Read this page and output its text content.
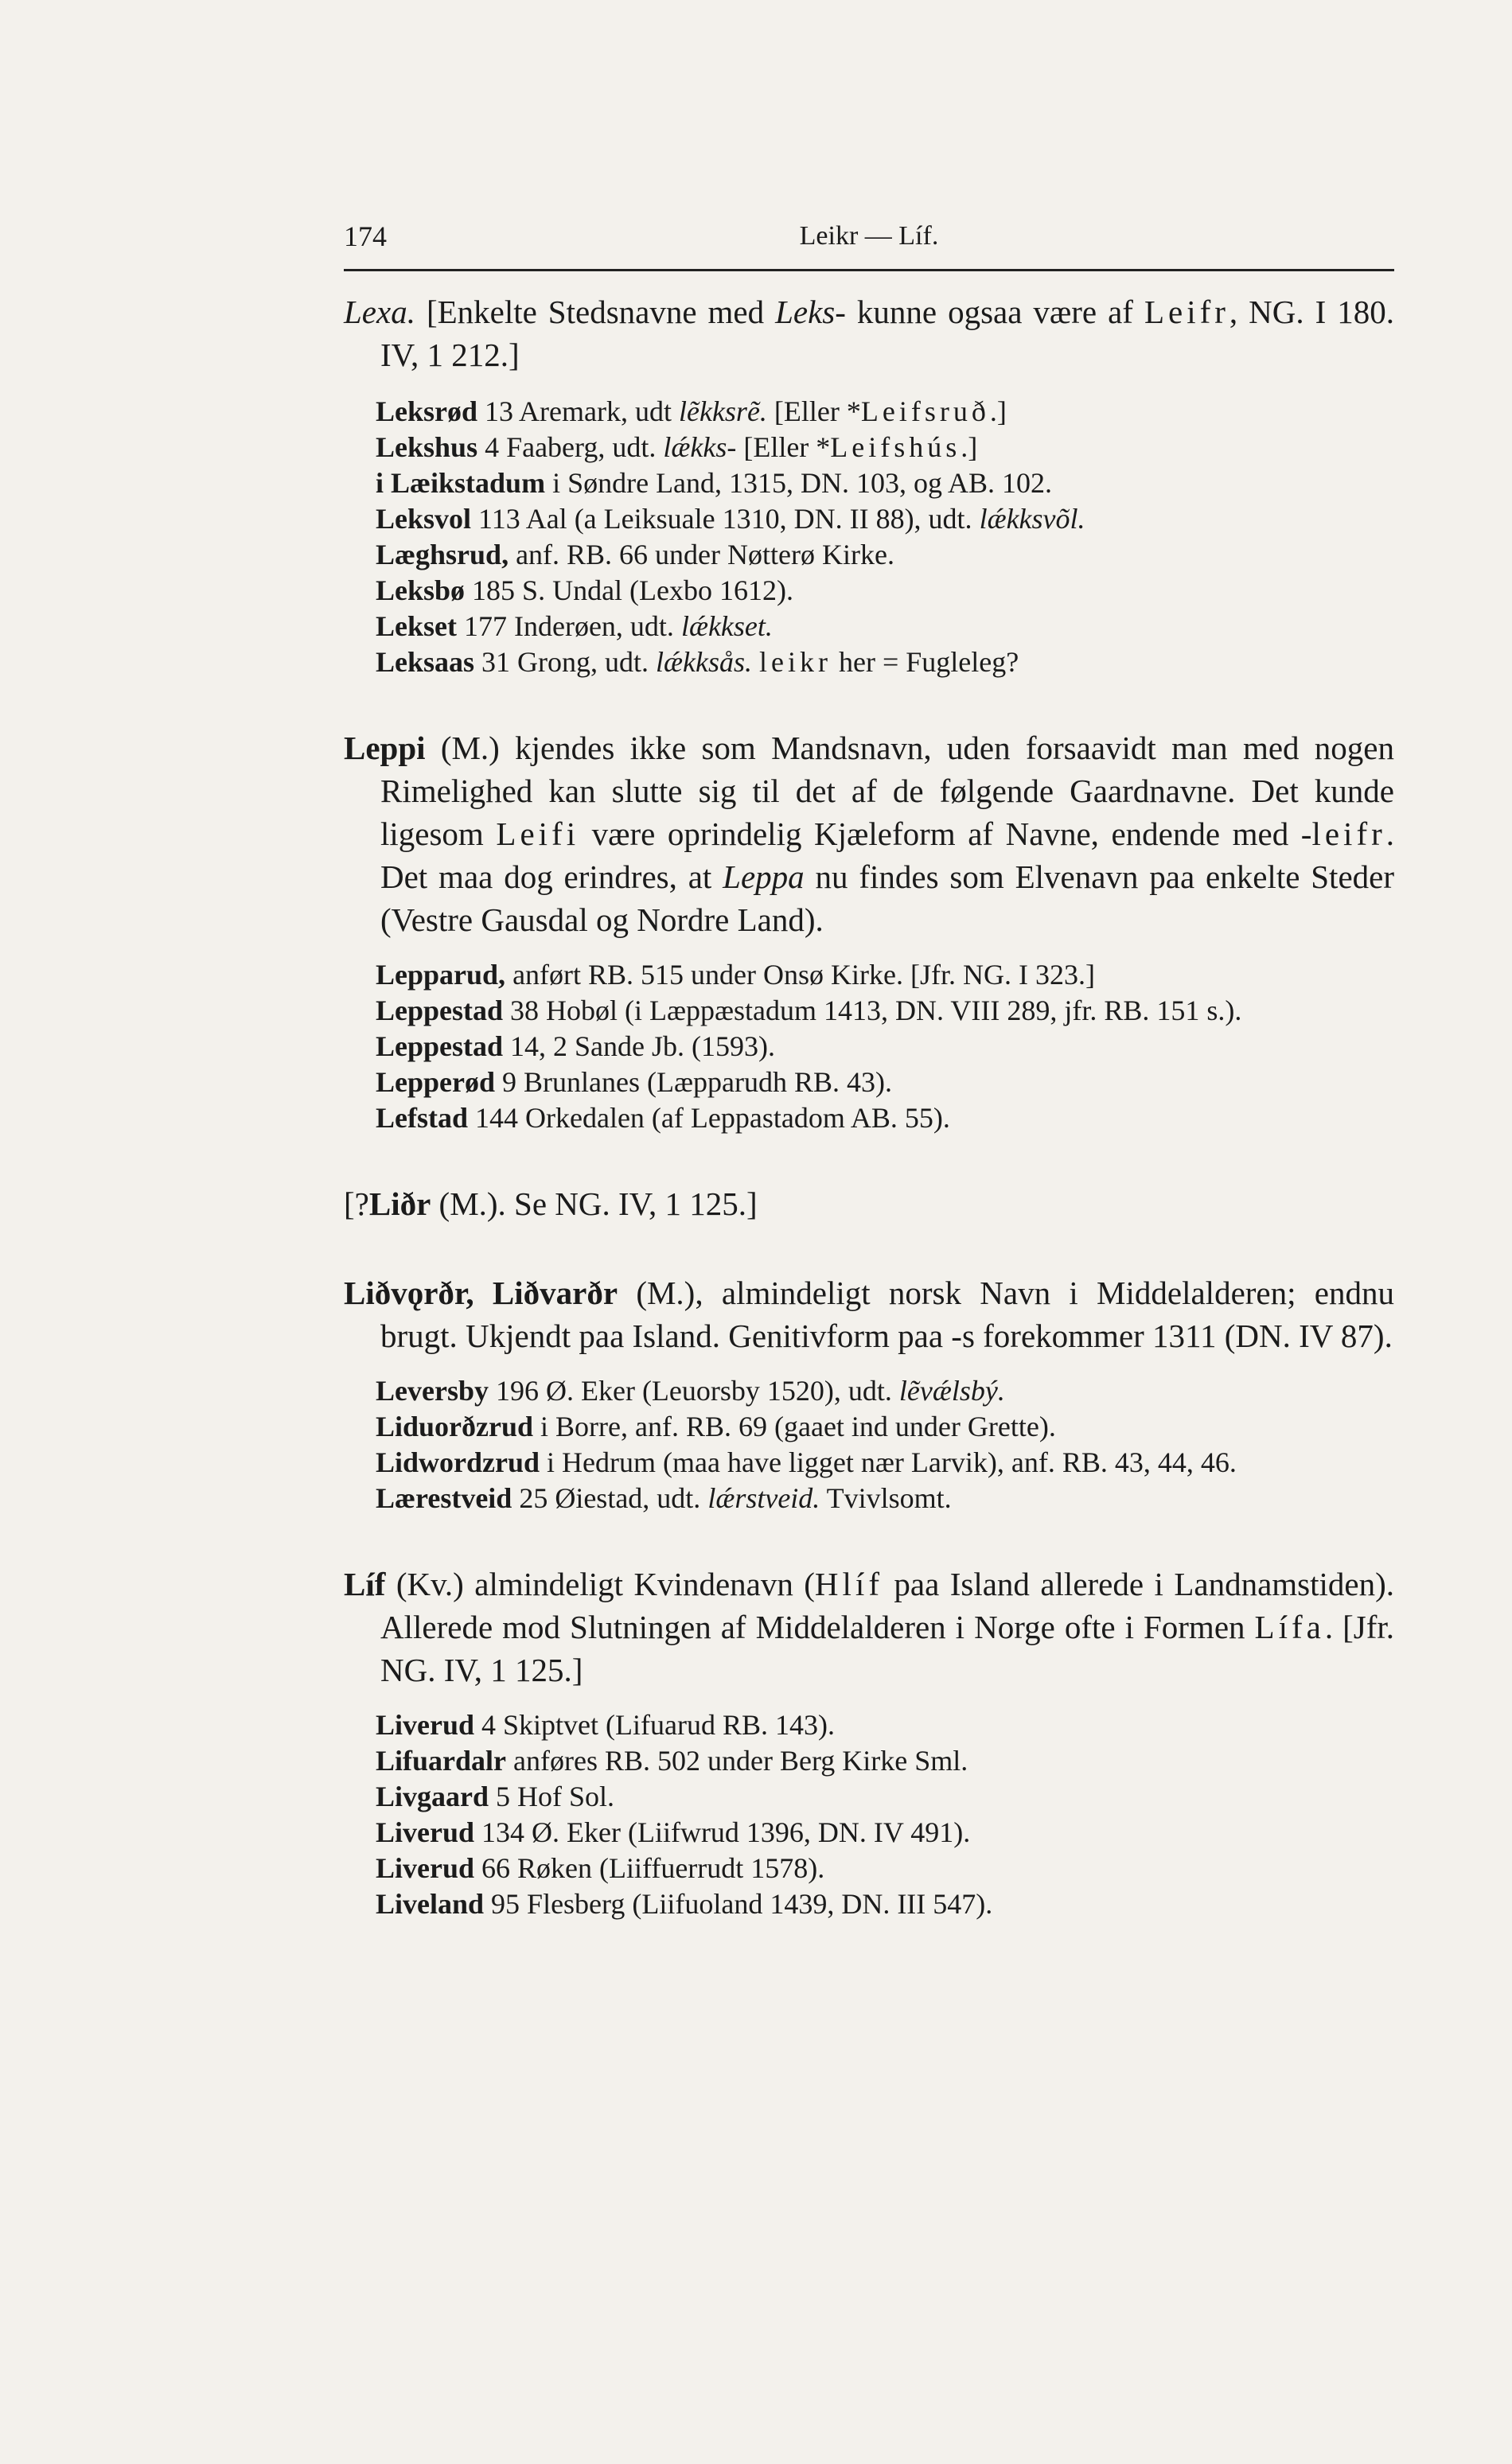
174	Leikr — Líf.
Lexa. [Enkelte Stedsnavne med Leks- kunne ogsaa være af Leifr, NG. I 180. IV, 1 212.]
Leksrød 13 Aremark, udt lẽkksrẽ. [Eller *Leifsruð.]
Lekshus 4 Faaberg, udt. lǽkks- [Eller *Leifshús.]
i Læikstadum i Søndre Land, 1315, DN. 103, og AB. 102.
Leksvol 113 Aal (a Leiksuale 1310, DN. II 88), udt. lǽkksvõl.
Læghsrud, anf. RB. 66 under Nøtterø Kirke.
Leksbø 185 S. Undal (Lexbo 1612).
Lekset 177 Inderøen, udt. lǽkkset.
Leksaas 31 Grong, udt. lǽkksås. leikr her = Fugleleg?
Leppi (M.) kjendes ikke som Mandsnavn, uden forsaavidt man med nogen Rimelighed kan slutte sig til det af de følgende Gaardnavne. Det kunde ligesom Leifi være oprindelig Kjæleform af Navne, endende med -leifr. Det maa dog erindres, at Leppa nu findes som Elvenavn paa enkelte Steder (Vestre Gausdal og Nordre Land).
Lepparud, anført RB. 515 under Onsø Kirke. [Jfr. NG. I 323.]
Leppestad 38 Hobøl (i Læppæstadum 1413, DN. VIII 289, jfr. RB. 151 s.).
Leppestad 14, 2 Sande Jb. (1593).
Lepperød 9 Brunlanes (Læpparudh RB. 43).
Lefstad 144 Orkedalen (af Leppastadom AB. 55).
[?Liðr (M.). Se NG. IV, 1 125.]
Liðvǫrðr, Liðvarðr (M.), almindeligt norsk Navn i Middelalderen; endnu brugt. Ukjendt paa Island. Genitivform paa -s forekommer 1311 (DN. IV 87).
Leversby 196 Ø. Eker (Leuorsby 1520), udt. lẽvǽlsbý.
Liduorðzrud i Borre, anf. RB. 69 (gaaet ind under Grette).
Lidwordzrud i Hedrum (maa have ligget nær Larvik), anf. RB. 43, 44, 46.
Lærestveid 25 Øiestad, udt. lǽrstveid. Tvivlsomt.
Líf (Kv.) almindeligt Kvindenavn (Hlíf paa Island allerede i Landnamstiden). Allerede mod Slutningen af Middelalderen i Norge ofte i Formen Lífa. [Jfr. NG. IV, 1 125.]
Liverud 4 Skiptvet (Lifuarud RB. 143).
Lifuardalr anføres RB. 502 under Berg Kirke Sml.
Livgaard 5 Hof Sol.
Liverud 134 Ø. Eker (Liifwrud 1396, DN. IV 491).
Liverud 66 Røken (Liiffuerrudt 1578).
Liveland 95 Flesberg (Liifuoland 1439, DN. III 547).
